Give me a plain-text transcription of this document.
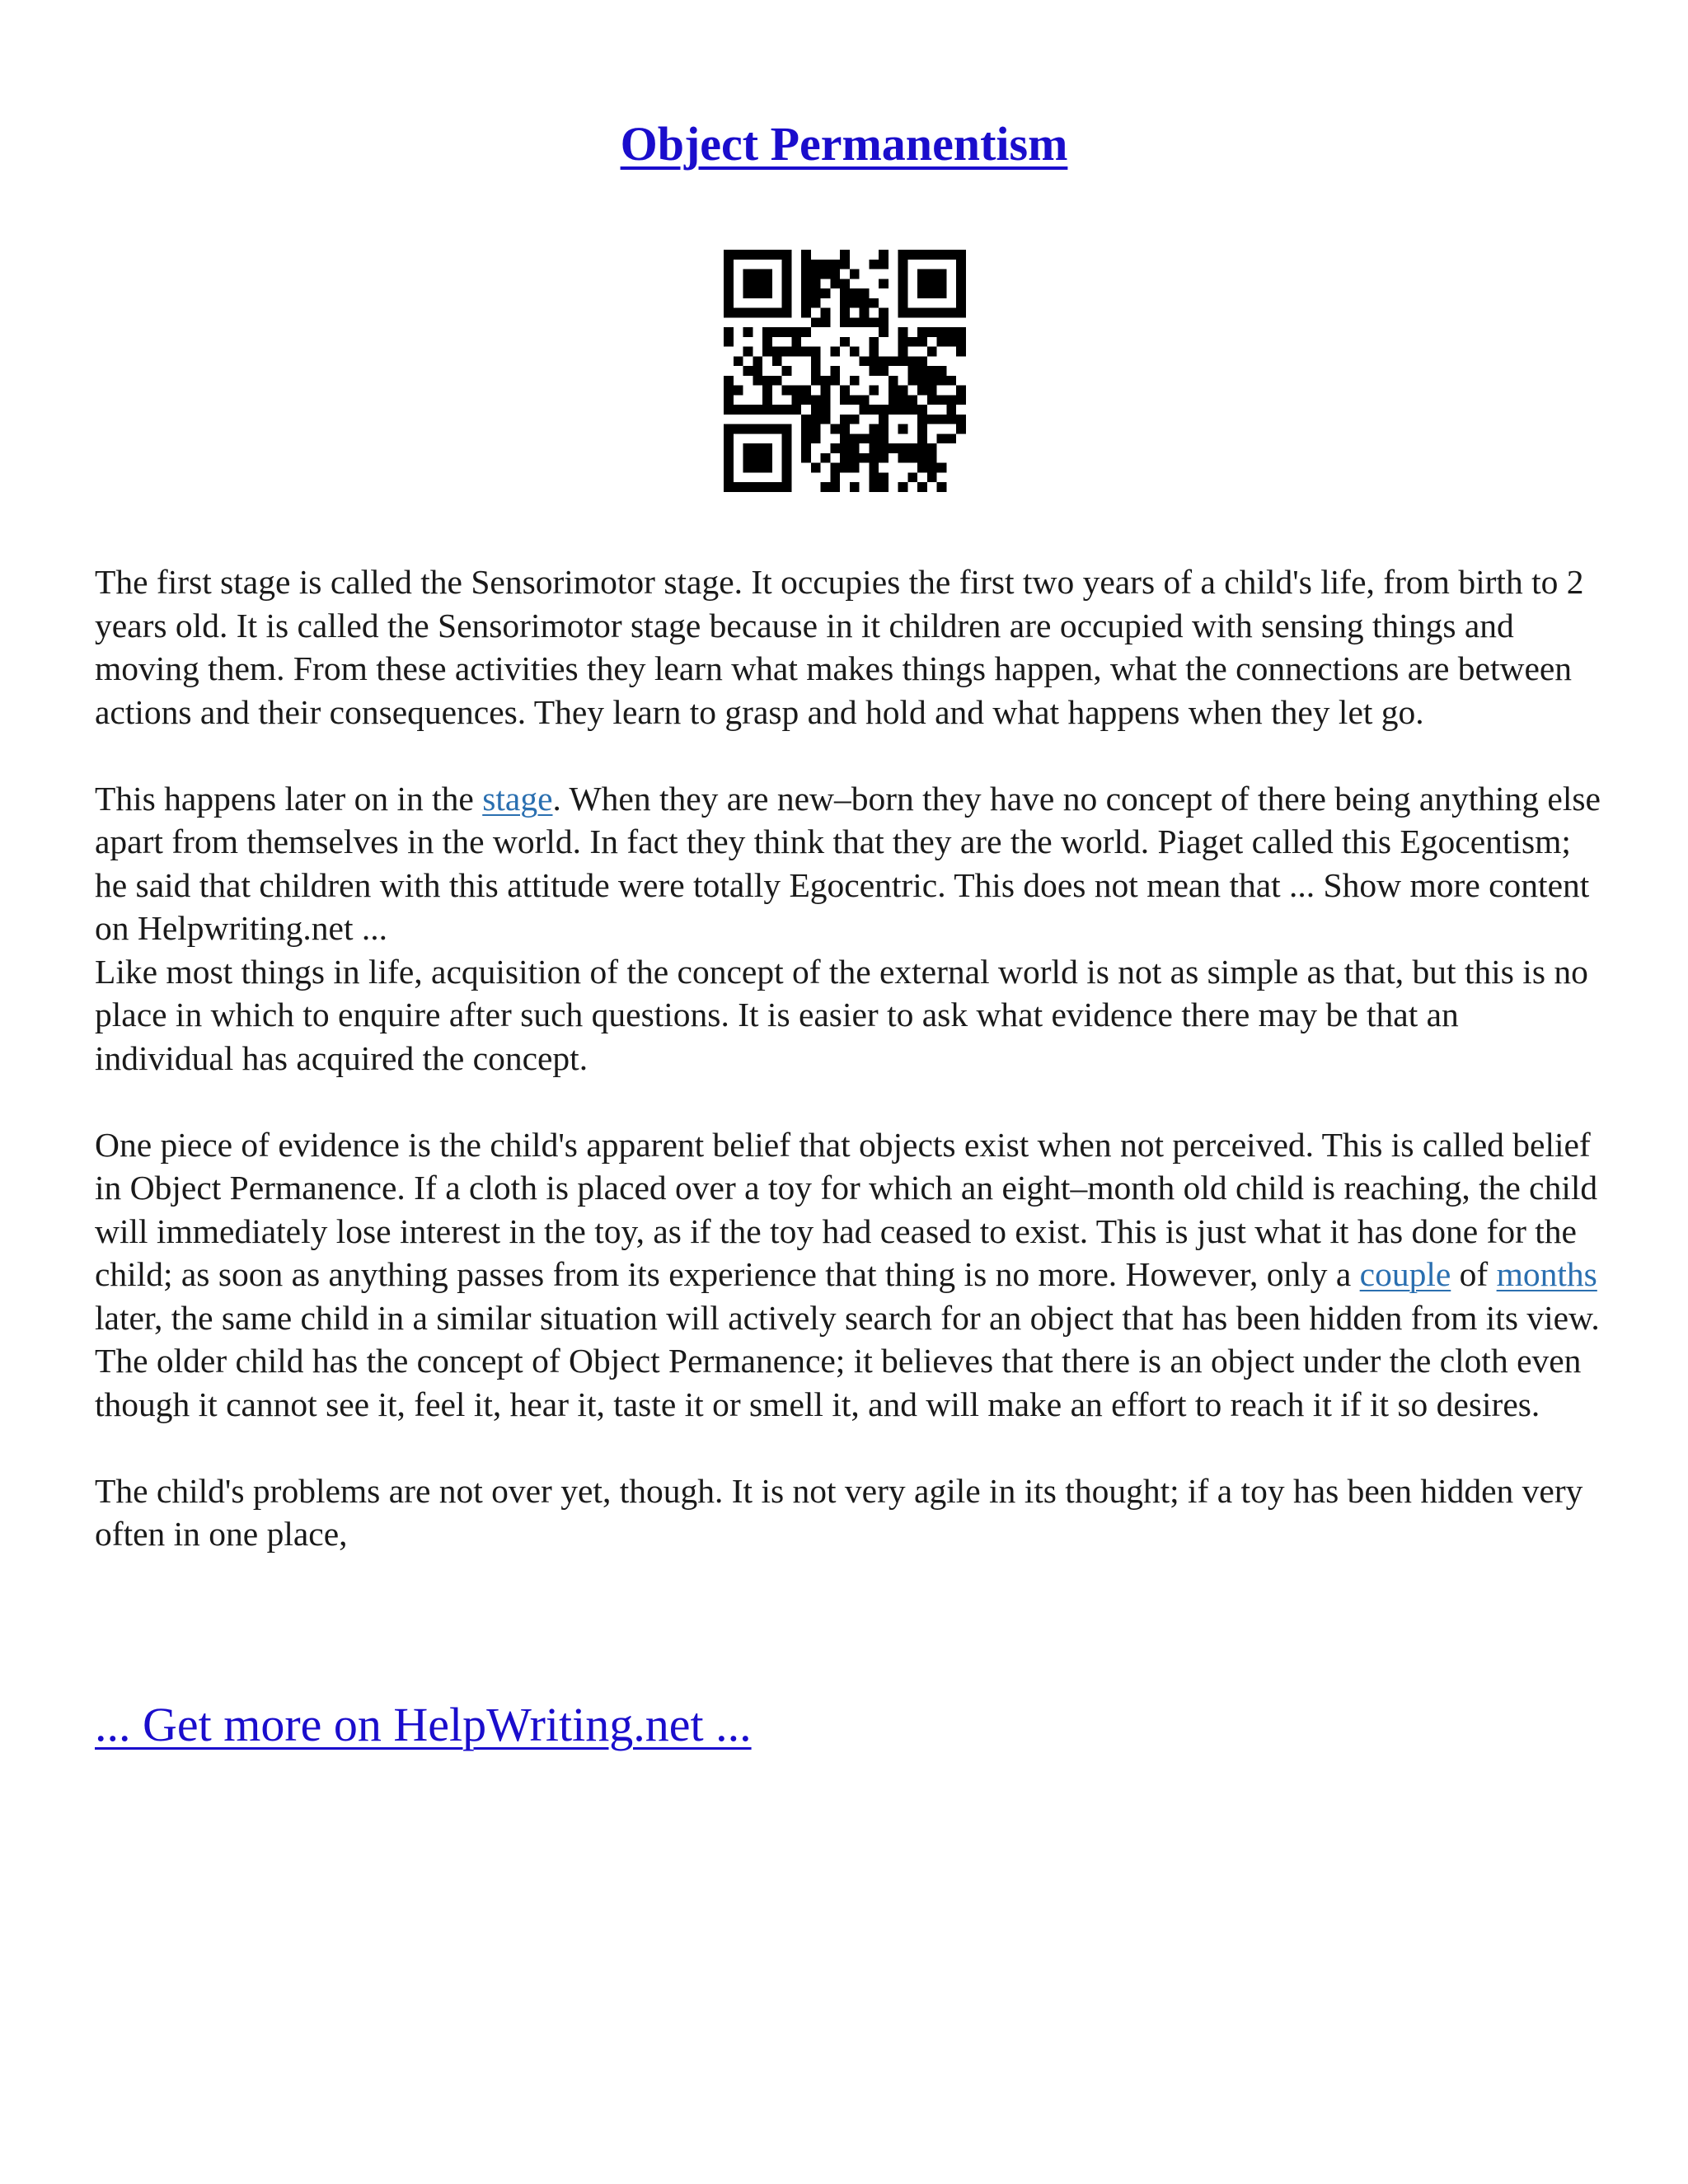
Object Permanentism

The first stage is called the Sensorimotor stage. It occupies the first two years of a child's life, from birth to 2 years old. It is called the Sensorimotor stage because in it children are occupied with sensing things and moving them. From these activities they learn what makes things happen, what the connections are between actions and their consequences. They learn to grasp and hold and what happens when they let go.

This happens later on in the stage. When they are new–born they have no concept of there being anything else apart from themselves in the world. In fact they think that they are the world. Piaget called this Egocentism; he said that children with this attitude were totally Egocentric. This does not mean that ... Show more content on Helpwriting.net ...

Like most things in life, acquisition of the concept of the external world is not as simple as that, but this is no place in which to enquire after such questions. It is easier to ask what evidence there may be that an individual has acquired the concept.

One piece of evidence is the child's apparent belief that objects exist when not perceived. This is called belief in Object Permanence. If a cloth is placed over a toy for which an eight–month old child is reaching, the child will immediately lose interest in the toy, as if the toy had ceased to exist. This is just what it has done for the child; as soon as anything passes from its experience that thing is no more. However, only a couple of months later, the same child in a similar situation will actively search for an object that has been hidden from its view. The older child has the concept of Object Permanence; it believes that there is an object under the cloth even though it cannot see it, feel it, hear it, taste it or smell it, and will make an effort to reach it if it so desires.

The child's problems are not over yet, though. It is not very agile in its thought; if a toy has been hidden very often in one place,

... Get more on HelpWriting.net ...
